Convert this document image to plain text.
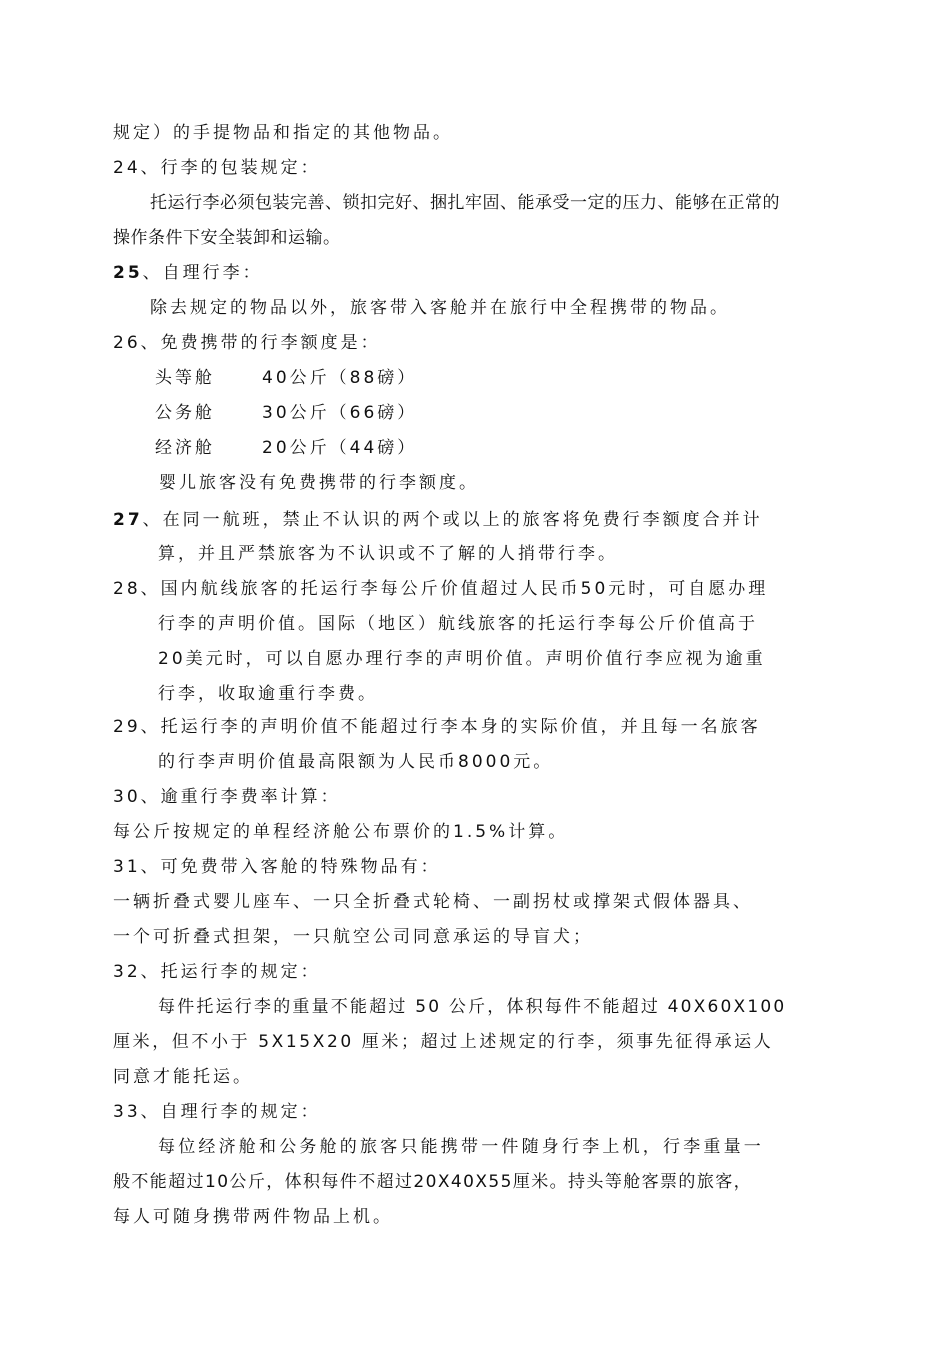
规定）的手提物品和指定的其他物品。
24、行李的包装规定：
托运行李必须包装完善、锁扣完好、捆扎牢固、能承受一定的压力、能够在正常的
操作条件下安全装卸和运输。
25、自理行李：
除去规定的物品以外，旅客带入客舱并在旅行中全程携带的物品。
26、免费携带的行李额度是：
头等舱	40公斤（88磅）
公务舱	30公斤（66磅）
经济舱	20公斤（44磅）
婴儿旅客没有免费携带的行李额度。
27、在同一航班，禁止不认识的两个或以上的旅客将免费行李额度合并计
算，并且严禁旅客为不认识或不了解的人捎带行李。
28、国内航线旅客的托运行李每公斤价值超过人民币50元时，可自愿办理
行李的声明价值。国际（地区）航线旅客的托运行李每公斤价值高于
20美元时，可以自愿办理行李的声明价值。声明价值行李应视为逾重
行李，收取逾重行李费。
29、托运行李的声明价值不能超过行李本身的实际价值，并且每一名旅客
的行李声明价值最高限额为人民币8000元。
30、逾重行李费率计算：
每公斤按规定的单程经济舱公布票价的1.5%计算。
31、可免费带入客舱的特殊物品有：
一辆折叠式婴儿座车、一只全折叠式轮椅、一副拐杖或撑架式假体器具、
一个可折叠式担架，一只航空公司同意承运的导盲犬；
32、托运行李的规定：
每件托运行李的重量不能超过 50 公斤，体积每件不能超过 40X60X100
厘米，但不小于 5X15X20 厘米；超过上述规定的行李，须事先征得承运人
同意才能托运。
33、自理行李的规定：
每位经济舱和公务舱的旅客只能携带一件随身行李上机，行李重量一
般不能超过10公斤，体积每件不超过20X40X55厘米。持头等舱客票的旅客，
每人可随身携带两件物品上机。
